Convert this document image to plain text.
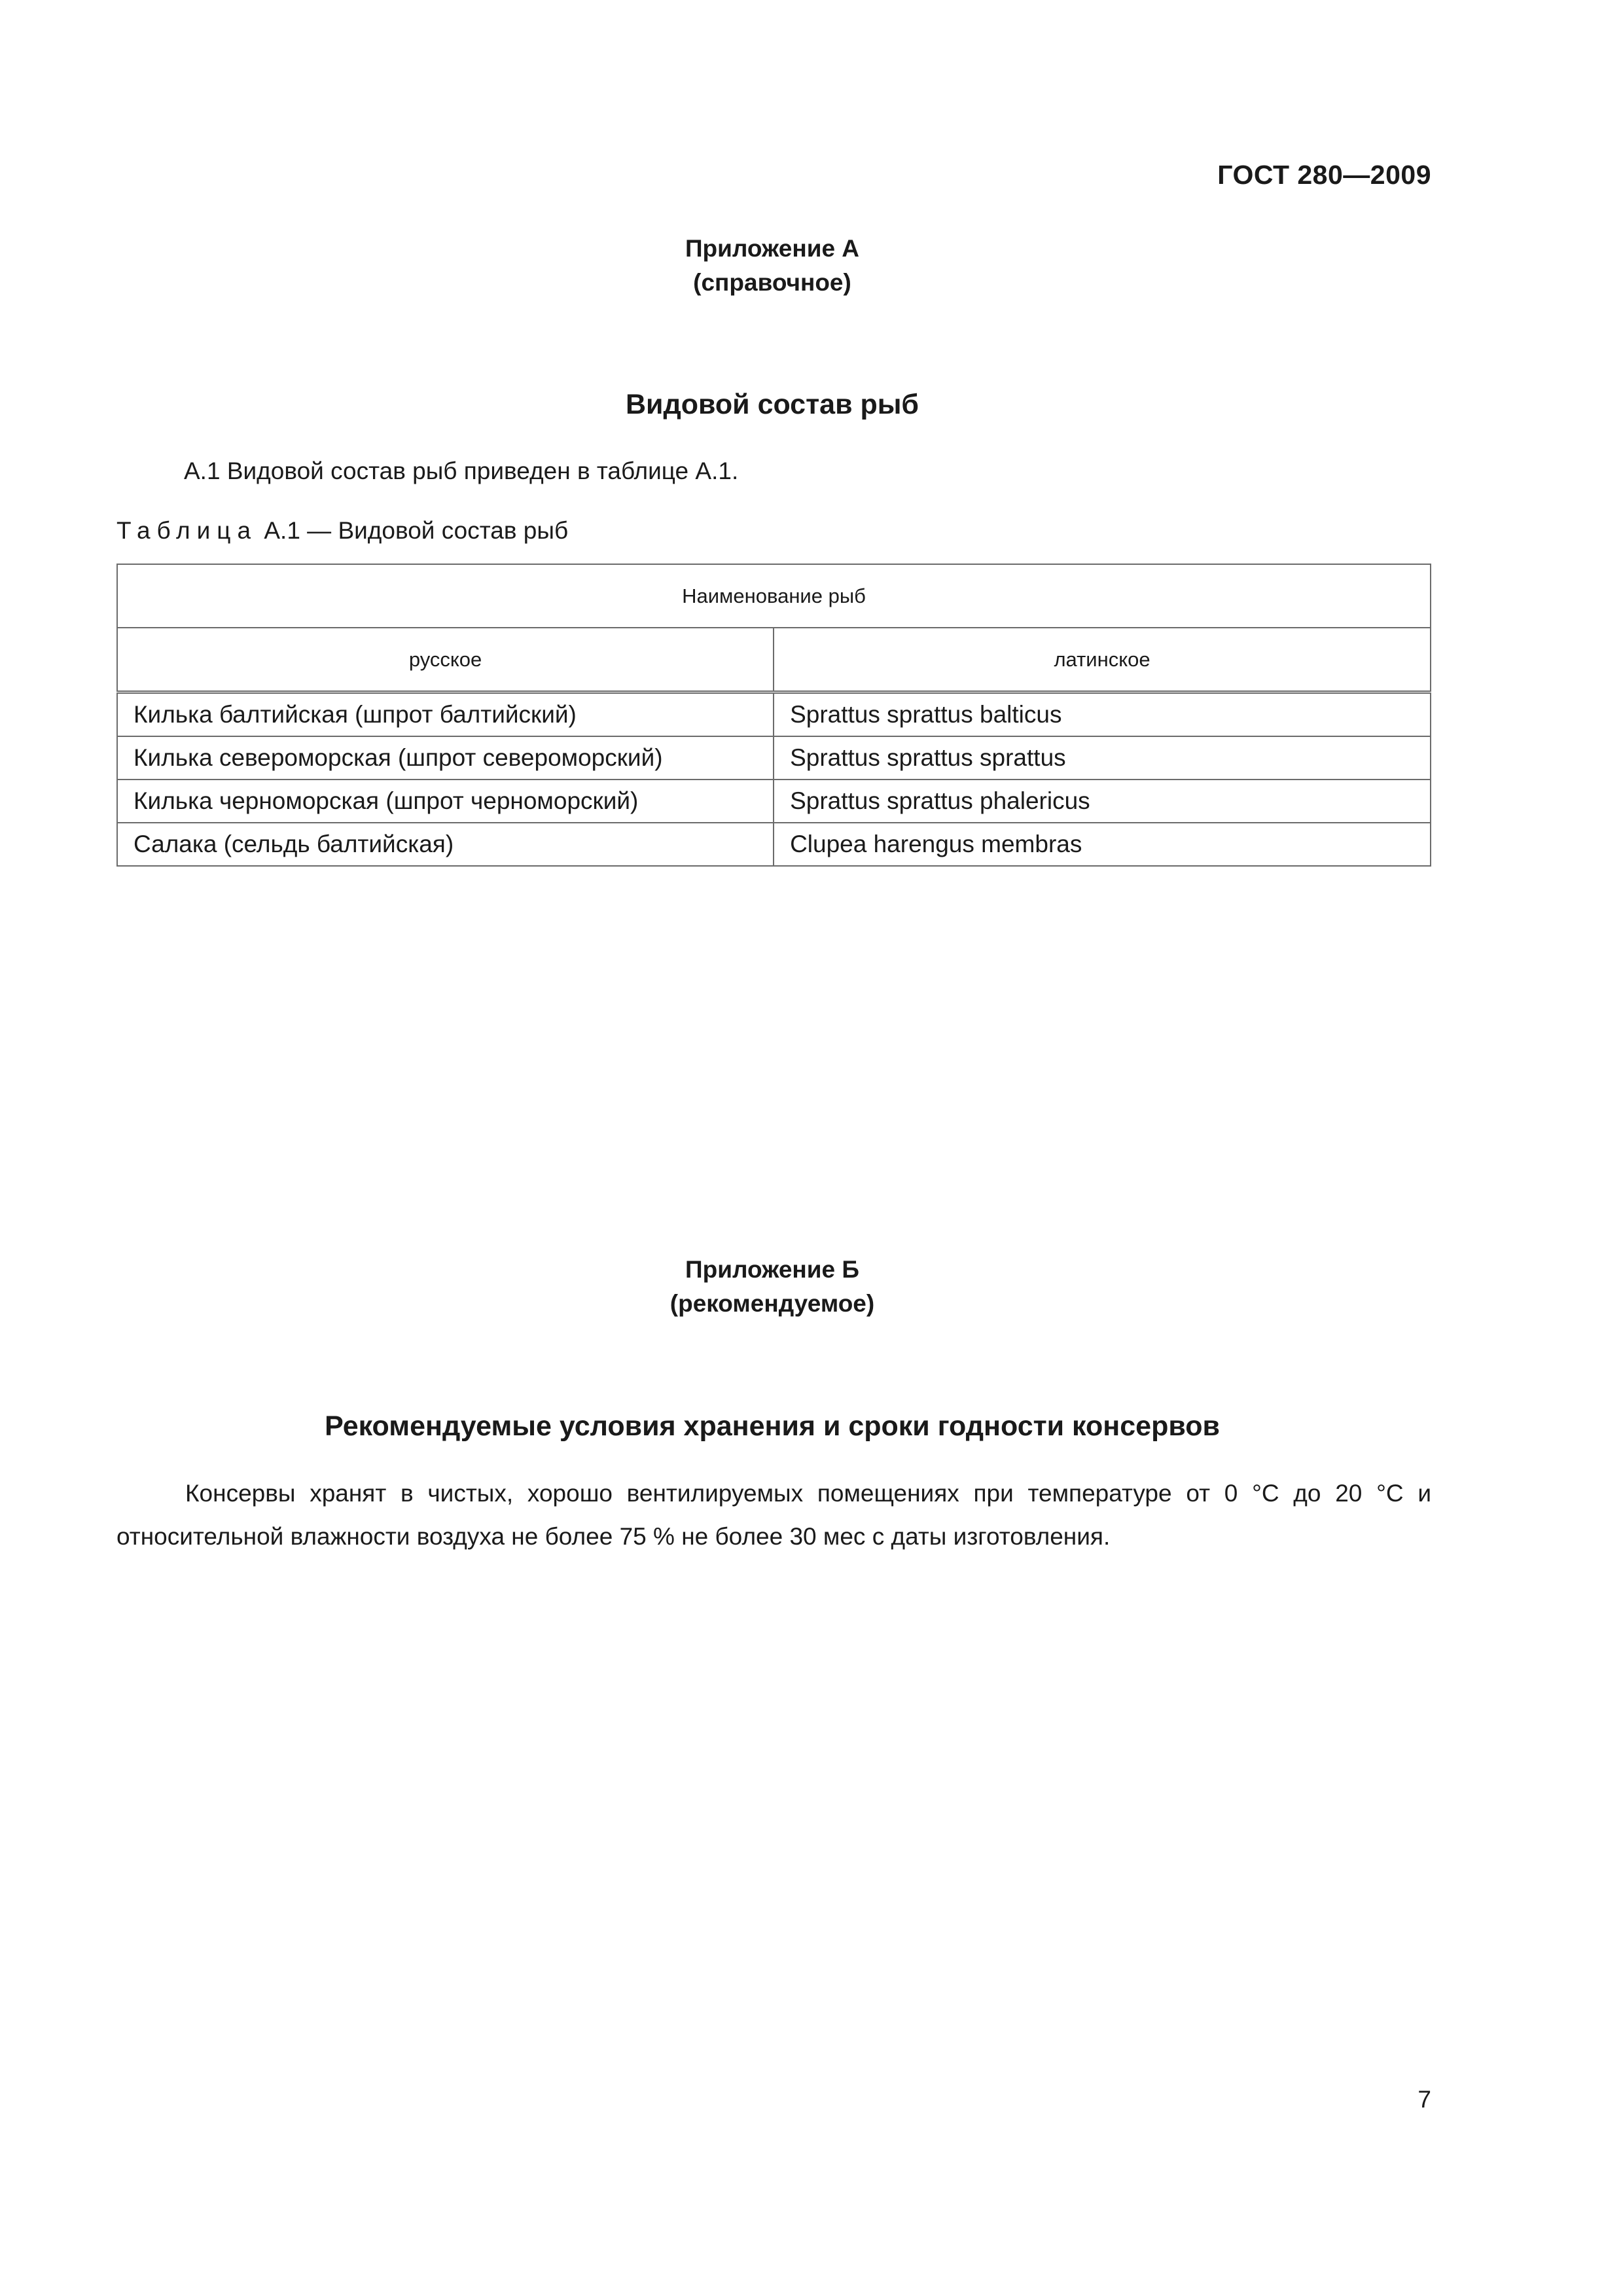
ГОСТ 280—2009
Приложение А
(справочное)
Видовой состав рыб
А.1 Видовой состав рыб приведен в таблице А.1.
Таблица А.1 — Видовой состав рыб
Наименование рыб	
русское	латинское
Килька балтийская (шпрот балтийский)	Sprattus sprattus balticus
Килька североморская (шпрот североморский)	Sprattus sprattus sprattus
Килька черноморская (шпрот черноморский)	Sprattus sprattus phalericus
Салака (сельдь балтийская)	Clupea harengus membras
Приложение Б
(рекомендуемое)
Рекомендуемые условия хранения и сроки годности консервов
Консервы хранят в чистых, хорошо вентилируемых помещениях при температуре от 0 °С до 20 °С и относительной влажности воздуха не более 75 % не более 30 мес с даты изготовления.
7
